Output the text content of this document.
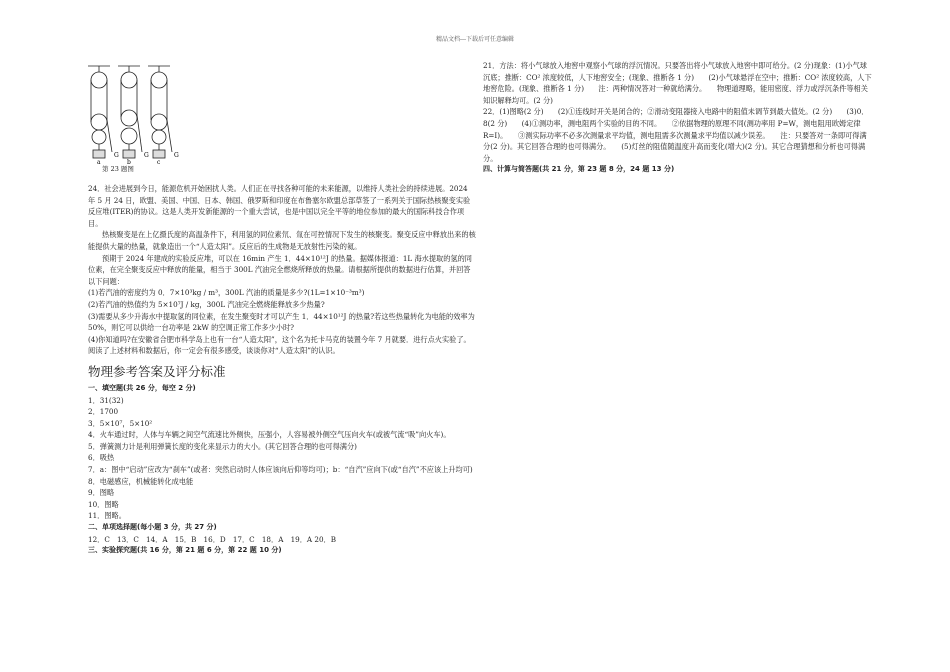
精品文档---下载后可任意编辑
G	G	G
a	b	c
第 23 题图

24．社会进展到今日，能源危机开始困扰人类。人们正在寻找各种可能的未来能源，以维持人类社会的持续进展。2024 年 5 月 24 日，欧盟、美国、中国、日本、韩国、俄罗斯和印度在布鲁塞尔欧盟总部草签了一系列关于国际热核聚变实验反应堆(ITER)的协议。这是人类开发新能源的一个重大尝试，也是中国以完全平等的地位参加的最大的国际科技合作项目。

热核聚变是在上亿摄氏度的高温条件下，利用氢的同位素氘、氚在可控情况下发生的核聚变。聚变反应中释放出来的核能提供大量的热量，就象造出一个“人造太阳”。反应后的生成物是无放射性污染的氦。

预期于 2024 年建成的实验反应堆，可以在 16min 产生 1．44×10¹²J 的热量。据媒体报道：1L 海水提取的氢的同位素，在完全聚变反应中释放的能量，相当于 300L 汽油完全燃烧所释放的热量。请根据所提供的数据进行估算，并回答以下问题：

(1)若汽油的密度约为 0．7×10³kg / m³，300L 汽油的质量是多少?(1L=1×10⁻³m³)

(2)若汽油的热值约为 5×10⁷J / kg，300L 汽油完全燃烧能释放多少热量?

(3)需要从多少升海水中提取氢的同位素，在发生聚变时才可以产生 1．44×10¹²J 的热量?若这些热量转化为电能的效率为 50%，则它可以供给一台功率是 2kW 的空调正常工作多少小时?

(4)你知道吗?在安徽省合肥市科学岛上也有一台“人造太阳”，这个名为托卡马克的装置今年 7 月就要．进行点火实验了。阅读了上述材料和数据后，你一定会有很多感受，谈谈你对“人造太阳”的认识。

物理参考答案及评分标准
一、填空题(共 26 分，每空 2 分)
1．31(32)
2．1700
3．5×10⁷，5×10²
4．火车通过时，人体与车辆之间空气流速比外侧快，压强小，人容易被外侧空气压向火车(或被气流“吸”向火车)。
5．弹簧测力计是利用弹簧长度的变化来显示力的大小。(其它回答合理的也可得满分)
6．吸热
7．a：图中“启动”应改为“刹车”(或者：突然启动时人体应该向后仰等均可)；b：“自汽”应向下(或“自汽”不应该上升均可)
8．电磁感应，机械能转化成电能
9．图略
10．图略
11．图略。
二、单项选择题(每小题 3 分，共 27 分)
12．C　13．C　14．A　15．B　16．D　17．C　18．A　19．A 20．B
三、实验探究题(共 16 分，第 21 题 6 分，第 22 题 10 分)

21．方法：将小气球放入地窖中观察小气球的浮沉情况。只要答出将小气球放入地窖中即可给分。(2 分)现象：(1)小气球沉底；推断：CO² 浓度较低，人下地窖安全；(现象、推断各 1 分)　　(2)小气球悬浮在空中；推断：CO² 浓度较高，人下地窖危险。(现象、推断各 1 分)　　注：两种情况答对一种就给满分。　　物理道理略，能用密度、浮力或浮沉条件等相关知识解释均可。(2 分)

22．(1)图略(2 分)　　(2)①连线时开关是闭合的；②滑动变阻器接入电路中的阻值未调节到最大值处。(2 分)　　(3)0．8(2 分)　　(4)①测功率，测电阻两个实验的目的不同。　　②依据物理的原理不同(测功率用 P=W，测电阻用欧姆定律 R=I)。　　③测实际功率不必多次测量求平均值，测电阻需多次测量求平均值以减少误差。　　注：只要答对一条即可得满分(2 分)。其它回答合理的也可得满分。　　(5)灯丝的阻值随温度升高而变化(增大)(2 分)。其它合理猜想和分析也可得满分。

四、计算与简答题(共 21 分，第 23 题 8 分，24 题 13 分)
